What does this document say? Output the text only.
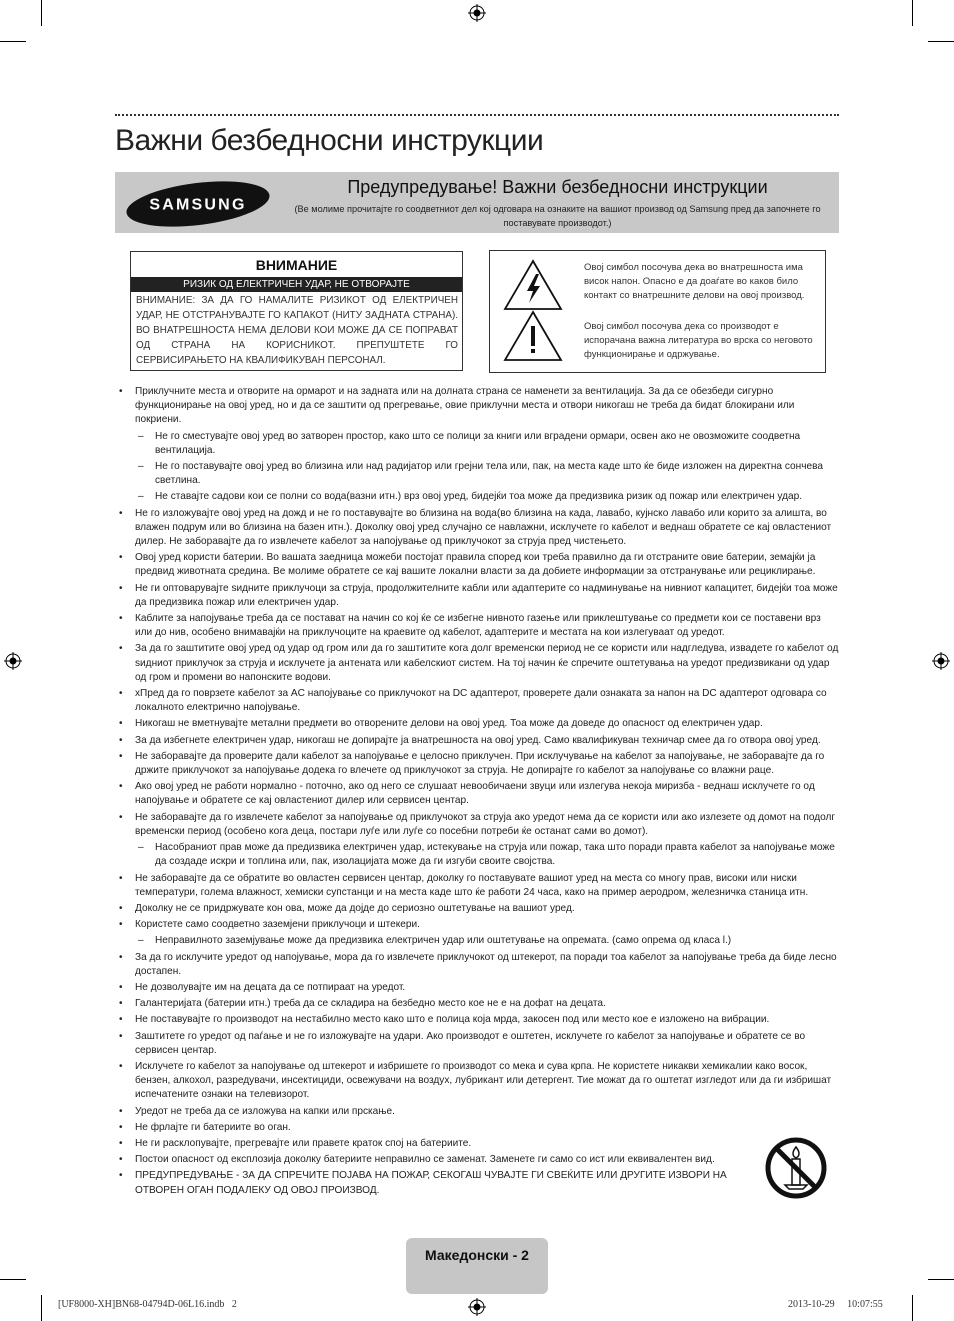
Важни безбедносни инструкции
SAMSUNG
Предупредување! Важни безбедносни инструкции
(Ве молиме прочитајте го соодветниот дел кој одговара на ознаките на вашиот производ од Samsung пред да започнете го поставувате производот.)
ВНИМАНИЕ
РИЗИК ОД ЕЛЕКТРИЧЕН УДАР, НЕ ОТВОРАЈТЕ
ВНИМАНИЕ: ЗА ДА ГО НАМАЛИТЕ РИЗИКОТ ОД ЕЛЕКТРИЧЕН УДАР, НЕ ОТСТРАНУВАЈТЕ ГО КАПАКОТ (НИТУ ЗАДНАТА СТРАНА). ВО ВНАТРЕШНОСТА НЕМА ДЕЛОВИ КОИ МОЖЕ ДА СЕ ПОПРАВАТ ОД СТРАНА НА КОРИСНИКОТ. ПРЕПУШТЕТЕ ГО СЕРВИСИРАЊЕТО НА КВАЛИФИКУВАН ПЕРСОНАЛ.
Овој симбол посочува дека во внатрешноста има висок напон. Опасно е да доаѓате во каков било контакт со внатрешните делови на овој производ.
Овој симбол посочува дека со производот е испорачана важна литература во врска со неговото функционирање и одржување.
• Приклучните места и отворите на ормарот и на задната или на долната страна се наменети за вентилација. За да се обезбеди сигурно функционирање на овој уред, но и да се заштити од прегревање, овие приклучни места и отвори никогаш не треба да бидат блокирани или покриени.
– Не го сместувајте овој уред во затворен простор, како што се полици за книги или вградени ормари, освен ако не овозможите соодветна вентилација.
– Не го поставувајте овој уред во близина или над радијатор или грејни тела или, пак, на места каде што ќе биде изложен на директна сончева светлина.
– Не ставајте садови кои се полни со вода(вазни итн.) врз овој уред, бидејќи тоа може да предизвика ризик од пожар или електричен удар.
• Не го изложувајте овој уред на дожд и не го поставувајте во близина на вода(во близина на када, лавабо, кујнско лавабо или корито за алишта, во влажен подрум или во близина на базен итн.). Доколку овој уред случајно се навлажни, исклучете го кабелот и веднаш обратете се кај овластениот дилер. Не заборавајте да го извлечете кабелот за напојување од приклучокот за струја пред чистењето.
• Овој уред користи батерии. Во вашата заедница можеби постојат правила според кои треба правилно да ги отстраните овие батерии, земајќи ја предвид животната средина. Ве молиме обратете се кај вашите локални власти за да добиете информации за отстранување или рециклирање.
• Не ги оптоварувајте ѕидните приклучоци за струја, продолжителните кабли или адаптерите со надминување на нивниот капацитет, бидејќи тоа може да предизвика пожар или електричен удар.
• Каблите за напојување треба да се постават на начин со кој ќе се избегне нивното газење или приклештување со предмети кои се поставени врз или до нив, особено внимавајќи на приклучоците на краевите од кабелот, адаптерите и местата на кои излегуваат од уредот.
• За да го заштитите овој уред од удар од гром или да го заштитите кога долг временски период не се користи или надгледува, извадете го кабелот од ѕидниот приклучок за струја и исклучете ја антената или кабелскиот систем. На тој начин ќе спречите оштетувања на уредот предизвикани од удар од гром и промени во напонските водови.
• xПред да го поврзете кабелот за AC напојување со приклучокот на DC адаптерот, проверете дали ознаката за напон на DC адаптерот одговара со локалното електрично напојување.
• Никогаш не вметнувајте метални предмети во отворените делови на овој уред. Тоа може да доведе до опасност од електричен удар.
• За да избегнете електричен удар, никогаш не допирајте ја внатрешноста на овој уред. Само квалификуван техничар смее да го отвора овој уред.
• Не заборавајте да проверите дали кабелот за напојување е целосно приклучен. При исклучување на кабелот за напојување, не заборавајте да го држите приклучокот за напојување додека го влечете од приклучокот за струја. Не допирајте го кабелот за напојување со влажни раце.
• Ако овој уред не работи нормално - поточно, ако од него се слушаат невообичаени звуци или излегува некоја миризба - веднаш исклучете го од напојување и обратете се кај овластениот дилер или сервисен центар.
• Не заборавајте да го извлечете кабелот за напојување од приклучокот за струја ако уредот нема да се користи или ако излезете од домот на подолг временски период (особено кога деца, постари луѓе или луѓе со посебни потреби ќе останат сами во домот).
– Насобраниот прав може да предизвика електричен удар, истекување на струја или пожар, така што поради правта кабелот за напојување може да создаде искри и топлина или, пак, изолацијата може да ги изгуби своите својства.
• Не заборавајте да се обратите во овластен сервисен центар, доколку го поставувате вашиот уред на места со многу прав, високи или ниски температури, голема влажност, хемиски супстанци и на места каде што ќе работи 24 часа, како на пример аеродром, железничка станица итн.
• Доколку не се придржувате кон ова, може да дојде до сериозно оштетување на вашиот уред.
• Користете само соодветно заземјени приклучоци и штекери.
– Неправилното заземјување може да предизвика електричен удар или оштетување на опремата. (само опрема од класа l.)
• За да го исклучите уредот од напојување, мора да го извлечете приклучокот од штекерот, па поради тоа кабелот за напојување треба да биде лесно достапен.
• Не дозволувајте им на децата да се потпираат на уредот.
• Галантеријата (батерии итн.) треба да се складира на безбедно место кое не е на дофат на децата.
• Не поставувајте го производот на нестабилно место како што е полица која мрда, закосен под или место кое е изложено на вибрации.
• Заштитете го уредот од паѓање и не го изложувајте на удари. Ако производот е оштетен, исклучете го кабелот за напојување и обратете се во сервисен центар.
• Исклучете го кабелот за напојување од штекерот и избришете го производот со мека и сува крпа. Не користете никакви хемикалии како восок, бензен, алкохол, разредувачи, инсектициди, освежувачи на воздух, лубрикант или детергент. Тие можат да го оштетат изгледот или да ги избришат испечатените ознаки на телевизорот.
• Уредот не треба да се изложува на капки или прскање.
• Не фрлајте ги батериите во оган.
• Не ги расклопувајте, прегревајте или правете краток спој на батериите.
• Постои опасност од експлозија доколку батериите неправилно се заменат. Заменете ги само со ист или еквивалентен вид.
• ПРЕДУПРЕДУВАЊЕ - ЗА ДА СПРЕЧИТЕ ПОЈАВА НА ПОЖАР, СЕКОГАШ ЧУВАЈТЕ ГИ СВЕЌИТЕ ИЛИ ДРУГИТЕ ИЗВОРИ НА ОТВОРЕН ОГАН ПОДАЛЕКУ ОД ОВОЈ ПРОИЗВОД.
Македонски - 2
[UF8000-XH]BN68-04794D-06L16.indb   2	2013-10-29     10:07:55
